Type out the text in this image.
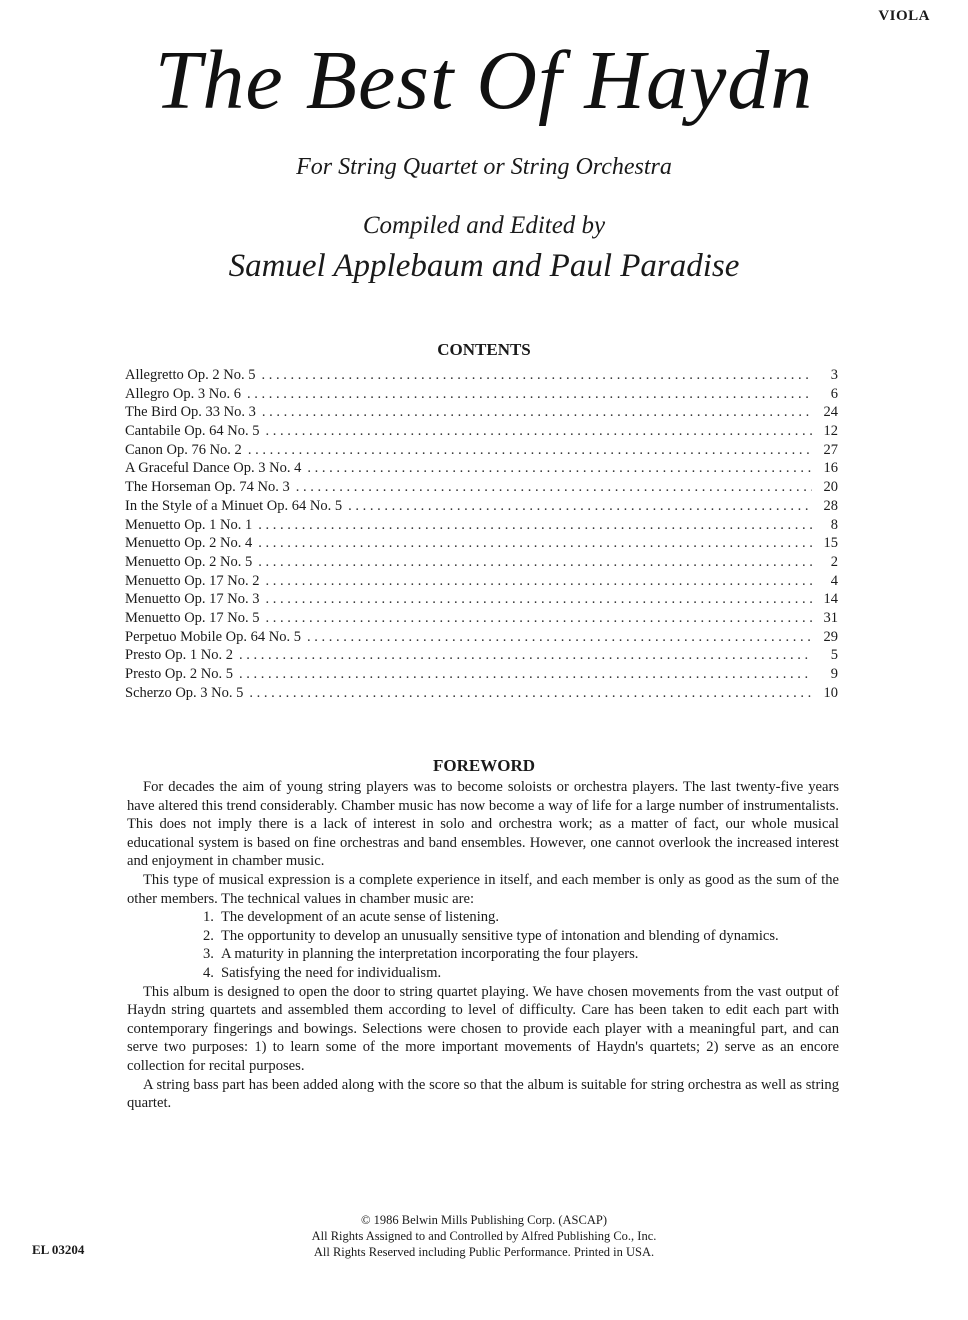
VIOLA
The Best Of Haydn
For String Quartet or String Orchestra
Compiled and Edited by
Samuel Applebaum and Paul Paradise
CONTENTS
Allegretto Op. 2 No. 5 . . .	3
Allegro Op. 3 No. 6 . . .	6
The Bird Op. 33 No. 3 . . .	24
Cantabile Op. 64 No. 5 . . .	12
Canon Op. 76 No. 2 . . .	27
A Graceful Dance Op. 3 No. 4 . . .	16
The Horseman Op. 74 No. 3 . . .	20
In the Style of a Minuet Op. 64 No. 5 . . .	28
Menuetto Op. 1 No. 1 . . .	8
Menuetto Op. 2 No. 4 . . .	15
Menuetto Op. 2 No. 5 . . .	2
Menuetto Op. 17 No. 2 . . .	4
Menuetto Op. 17 No. 3 . . .	14
Menuetto Op. 17 No. 5 . . .	31
Perpetuo Mobile Op. 64 No. 5 . . .	29
Presto Op. 1 No. 2 . . .	5
Presto Op. 2 No. 5 . . .	9
Scherzo Op. 3 No. 5 . . .	10
FOREWORD

For decades the aim of young string players was to become soloists or orchestra players. The last twenty-five years have altered this trend considerably. Chamber music has now become a way of life for a large number of instrumentalists. This does not imply there is a lack of interest in solo and orchestra work; as a matter of fact, our whole musical educational system is based on fine orchestras and band ensembles. However, one cannot overlook the increased interest and enjoyment in chamber music.

This type of musical expression is a complete experience in itself, and each member is only as good as the sum of the other members. The technical values in chamber music are:

1. The development of an acute sense of listening.
2. The opportunity to develop an unusually sensitive type of intonation and blending of dynamics.
3. A maturity in planning the interpretation incorporating the four players.
4. Satisfying the need for individualism.

This album is designed to open the door to string quartet playing. We have chosen movements from the vast output of Haydn string quartets and assembled them according to level of difficulty. Care has been taken to edit each part with contemporary fingerings and bowings. Selections were chosen to provide each player with a meaningful part, and can serve two purposes: 1) to learn some of the more important movements of Haydn's quartets; 2) serve as an encore collection for recital purposes.

A string bass part has been added along with the score so that the album is suitable for string orchestra as well as string quartet.

© 1986 Belwin Mills Publishing Corp. (ASCAP)
All Rights Assigned to and Controlled by Alfred Publishing Co., Inc.
All Rights Reserved including Public Performance. Printed in USA.
EL 03204
